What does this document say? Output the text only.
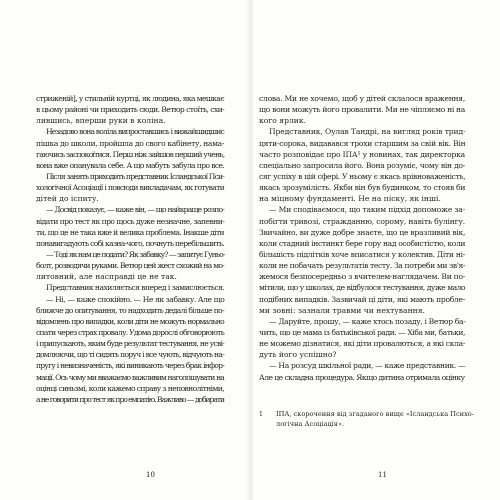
стриженій], у стильній куртці, як людина, яка мешкає
в цьому районі чи приходить сюди. Ветюр стоїть, схи-
лившись, вперши руки в коліна.
Незадово вона воліла випроставшись і вижайшидшис
пішка до школи, пройшла до свого кабінету, нама-
гаючись заспокоїтися. Перш ніж зайшов перший учень,
вона вже опанувала себе. А що мабуть забула про все.
Після занять приходить представник Ісландської Пси-
хологічної Асоціації і повсюди викладачам, як готувати
дітей до іспиту.
— Досвід показує, — каже він, — що найкраще розпо-
відати про тест як про щось дуже незначне, запевни-
ти, що це не така вже й велика проблема. Інакше діти
понавигадують собі казна-чого, почнуть перебільшить.
— Тоді як нам це подати? Як забавку? — запитує Гуньо-
болт, розводячи руками. Ветюр цей жест схожий на мо-
литовний, але насправді це не так.
Представник нахиляється вперед і замислюється.
— Ні, — каже спокійно. — Не як забавку. Але що
ближче до опитування, то надходить дедалі більше по-
відомлень про випадки, коли діти не можуть нормально
спати через страх провалу. Удома дорослі обговорюють
і припускають, яким буде результат тестування, не усві-
домлюючи, що ті сидять поруч і все чують, відчують на-
пругу і невизначеність, які виникають через брак інфор-
мації. Ось чому ми вважаємо важливим наголошувати на
оцінці синьзмі, коли кажемо справу з неповнолітніми,
а не говорити про тест як про емпатію. Важливо — добирати
10
слова. Ми не хочемо, щоб у дітей склалося враження,
що вони можуть його провалити. Ми не чіпляємо ні на
кого ярлик.
Представник, Оулав Тандрі, на вигляд років трид-
цяти-сорока, видавався трохи старшим за свій вік. Він
часто розповідає про ІПА¹ у новинах, так директорка
спеціально запросила його. Вона розуміє, чому він до-
сяг успіху в цій сфері. У ньому є якась врівноваженість,
якась зрозумілість. Якби він був будинком, то стояв би
на міцному фундаменті. Не на піску, як інші.
— Ми сподіваємося, що таким підхід допоможе за-
побігти тривозі, стражданню, сорому, навіть булінгу.
Звичайно, ви дуже добре знаєте, що це вразливий вік,
коли стадний інстинкт бере гору над особистістю, коли
більшість підлітків хоче вписатися у колектив. Діти ні-
коли не побачать результатів тесту. За потреби ми зв'я-
жемося безпосередньо з вчителем-наглядачем. Ви по-
мітили, що у школах, де відбулося тестування, дуже мало
подібних випадків. Зазвичай ці діти, які мають пробле-
ми зовні: зазнали травми чи нехтування.
— Даруйте, прошу, — каже хтось позаду, і Ветюр ба-
чить, що це мама із батьківської ради. — Хіба ми, батьки,
не можемо дізнатися, які діти провалються, а які скла-
дуть його успішно?
— На розсуд шкільної ради, — каже представник. —
Але це складна процедура. Якщо дитина отримала оцінку
1 ІПА, скорочення від згаданого вище «Ісландська Психо-
логічна Асоціація».
11
